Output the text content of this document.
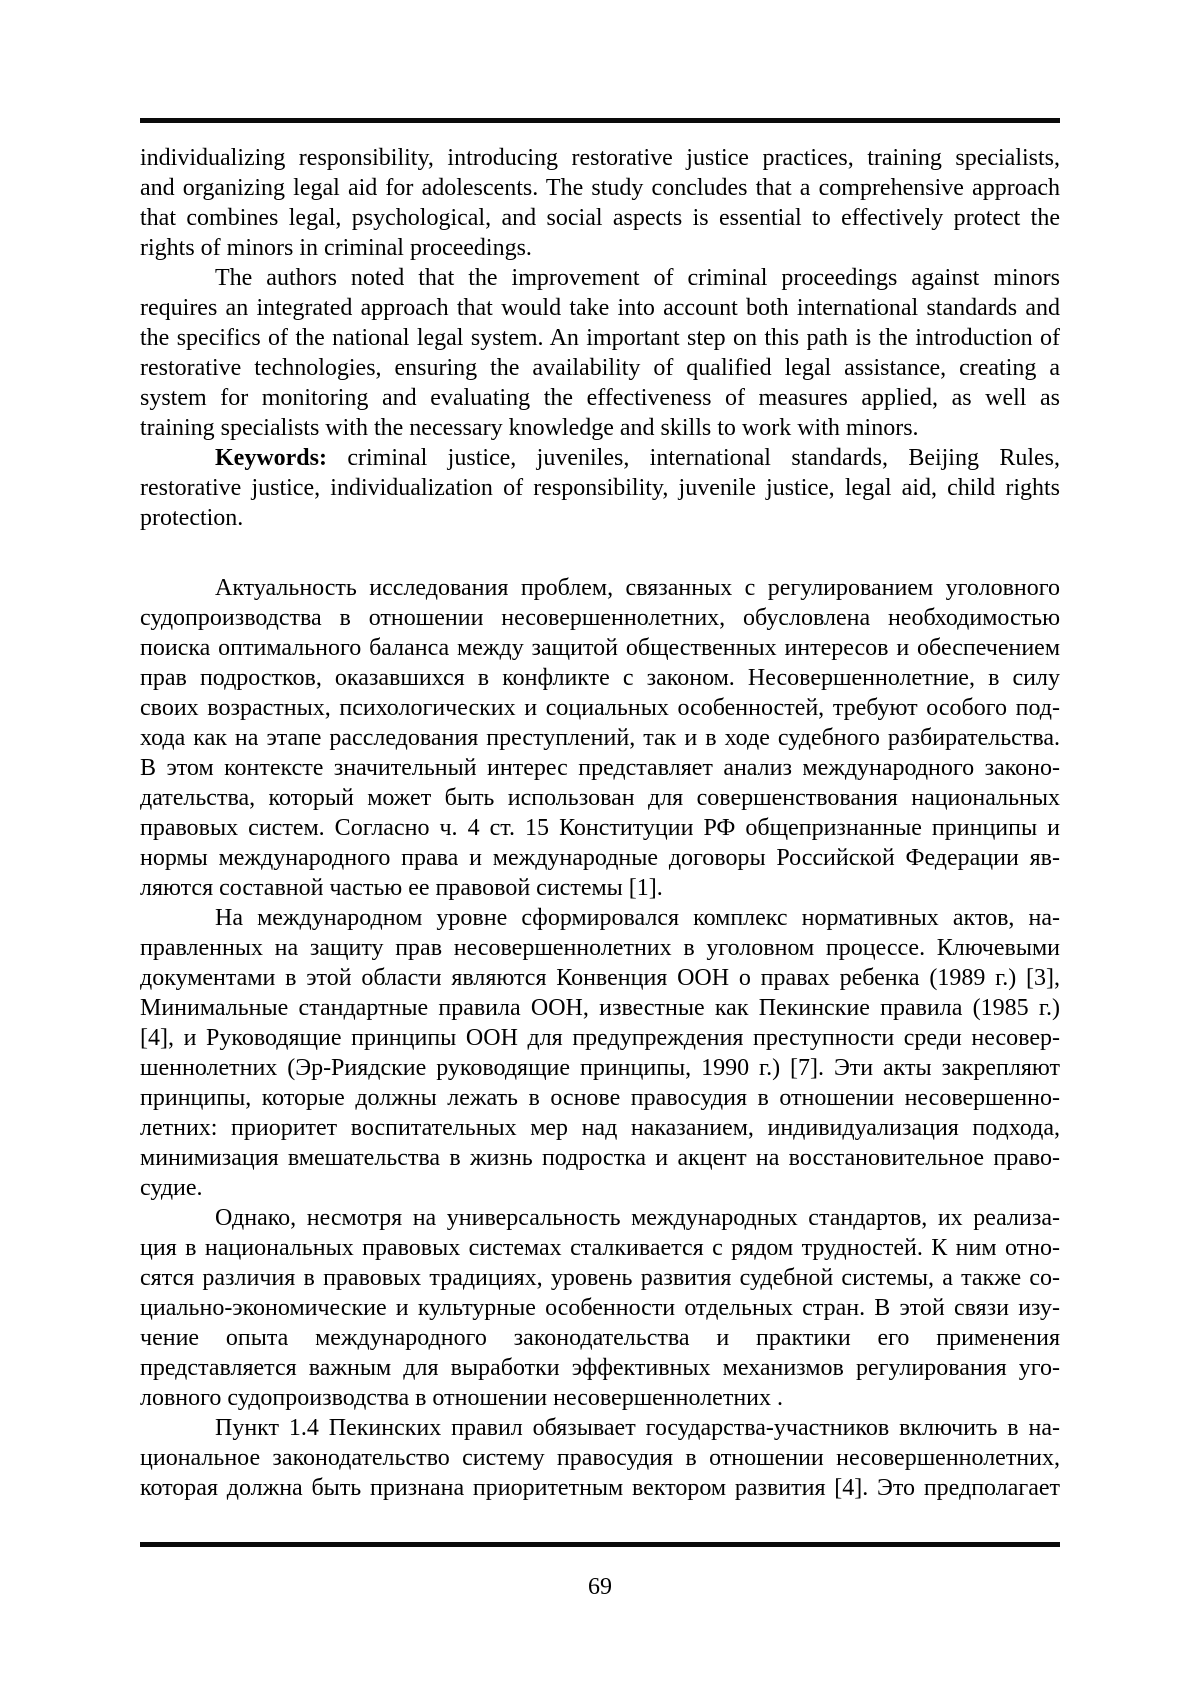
individualizing responsibility, introducing restorative justice practices, training specialists,
and organizing legal aid for adolescents. The study concludes that a comprehensive approach
that combines legal, psychological, and social aspects is essential to effectively protect the
rights of minors in criminal proceedings.
The authors noted that the improvement of criminal proceedings against minors
requires an integrated approach that would take into account both international standards and
the specifics of the national legal system. An important step on this path is the introduction of
restorative technologies, ensuring the availability of qualified legal assistance, creating a
system for monitoring and evaluating the effectiveness of measures applied, as well as
training specialists with the necessary knowledge and skills to work with minors.
Keywords: criminal justice, juveniles, international standards, Beijing Rules,
restorative justice, individualization of responsibility, juvenile justice, legal aid, child rights
protection.
Актуальность исследования проблем, связанных с регулированием уголовного
судопроизводства в отношении несовершеннолетних, обусловлена необходимостью
поиска оптимального баланса между защитой общественных интересов и обеспечением
прав подростков, оказавшихся в конфликте с законом. Несовершеннолетние, в силу
своих возрастных, психологических и социальных особенностей, требуют особого под-
хода как на этапе расследования преступлений, так и в ходе судебного разбирательства.
В этом контексте значительный интерес представляет анализ международного законо-
дательства, который может быть использован для совершенствования национальных
правовых систем. Согласно ч. 4 ст. 15 Конституции РФ общепризнанные принципы и
нормы международного права и международные договоры Российской Федерации яв-
ляются составной частью ее правовой системы [1].
На международном уровне сформировался комплекс нормативных актов, на-
правленных на защиту прав несовершеннолетних в уголовном процессе. Ключевыми
документами в этой области являются Конвенция ООН о правах ребенка (1989 г.) [3],
Минимальные стандартные правила ООН, известные как Пекинские правила (1985 г.)
[4], и Руководящие принципы ООН для предупреждения преступности среди несовер-
шеннолетних (Эр-Риядские руководящие принципы, 1990 г.) [7]. Эти акты закрепляют
принципы, которые должны лежать в основе правосудия в отношении несовершенно-
летних: приоритет воспитательных мер над наказанием, индивидуализация подхода,
минимизация вмешательства в жизнь подростка и акцент на восстановительное право-
судие.
Однако, несмотря на универсальность международных стандартов, их реализа-
ция в национальных правовых системах сталкивается с рядом трудностей. К ним отно-
сятся различия в правовых традициях, уровень развития судебной системы, а также со-
циально-экономические и культурные особенности отдельных стран. В этой связи изу-
чение опыта международного законодательства и практики его применения
представляется важным для выработки эффективных механизмов регулирования уго-
ловного судопроизводства в отношении несовершеннолетних .
Пункт 1.4 Пекинских правил обязывает государства-участников включить в на-
циональное законодательство систему правосудия в отношении несовершеннолетних,
которая должна быть признана приоритетным вектором развития [4]. Это предполагает
69
